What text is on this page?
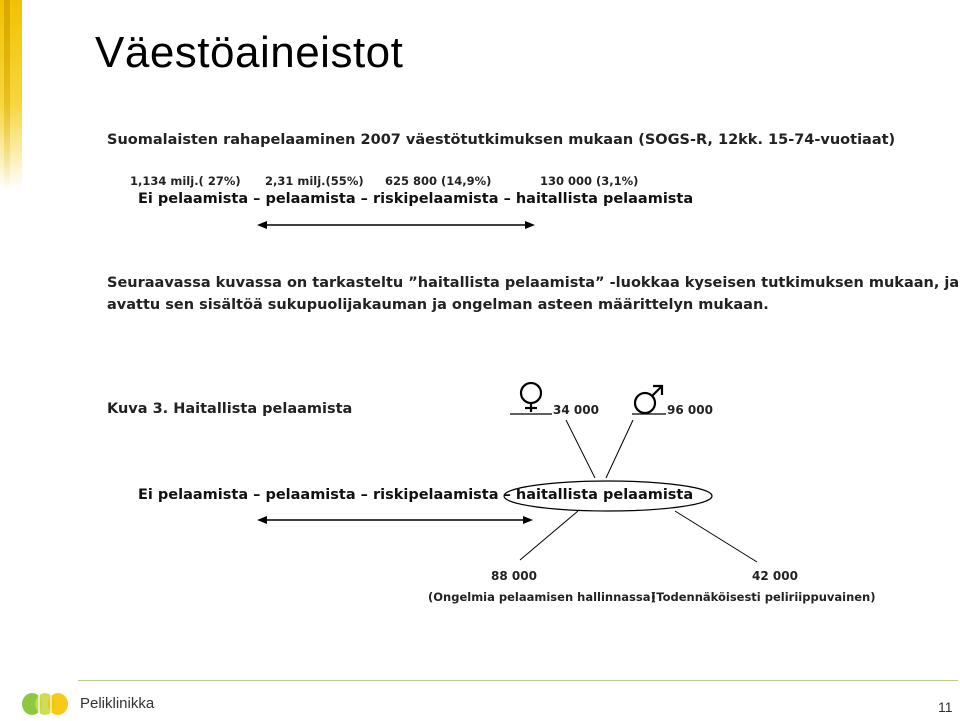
Väestöaineistot
Suomalaisten rahapelaaminen 2007 väestötutkimuksen mukaan (SOGS-R, 12kk. 15-74-vuotiaat)
1,134 milj.( 27%) 2,31 milj.(55%) 625 800 (14,9%)	130 000 (3,1%)
Ei pelaamista – pelaamista – riskipelaamista – haitallista pelaamista
Seuraavassa kuvassa on tarkasteltu ”haitallista pelaamista” -luokkaa kyseisen tutkimuksen mukaan, ja
avattu sen sisältöä sukupuolijakauman ja ongelman asteen määrittelyn mukaan.
Kuva 3. Haitallista pelaamista
Ei pelaamista – pelaamista – riskipelaamista – haitallista pelaamista
34 000	96 000
88 000	42 000
(Ongelmia pelaamisen hallinnassa)
(Todennäköisesti peliriippuvainen)
Peliklinikka	11
